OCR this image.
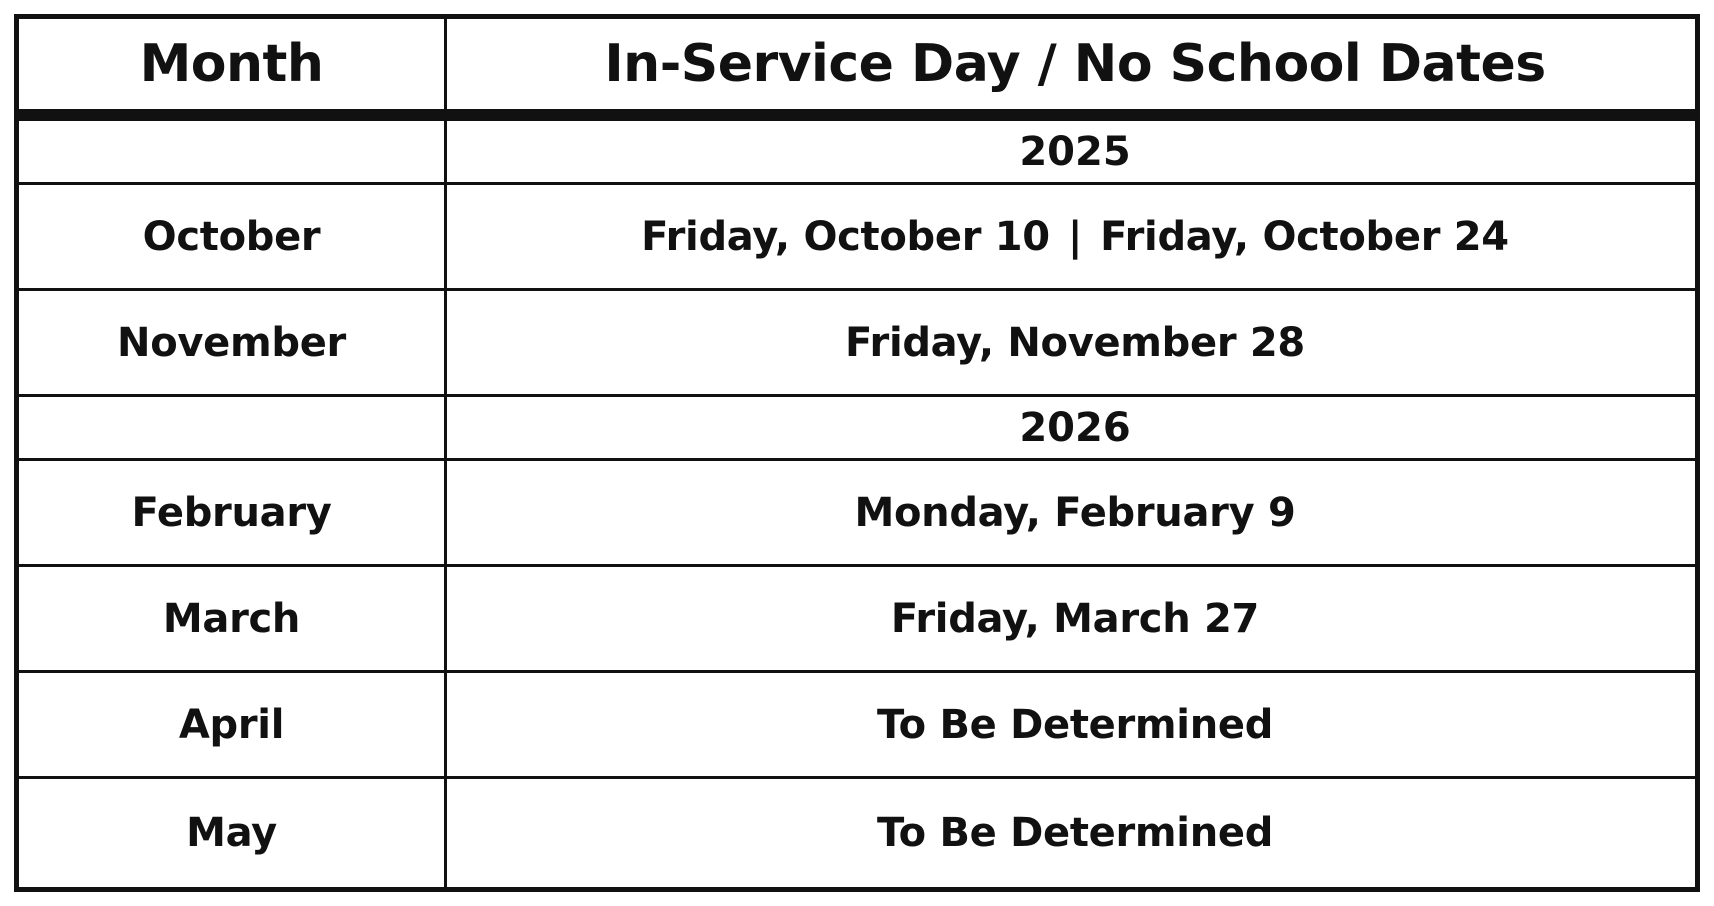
Month	In-Service Day / No School Dates
2025
October	Friday, October 10 | Friday, October 24
November	Friday, November 28
2026
February	Monday, February 9
March	Friday, March 27
April	To Be Determined
May	To Be Determined
